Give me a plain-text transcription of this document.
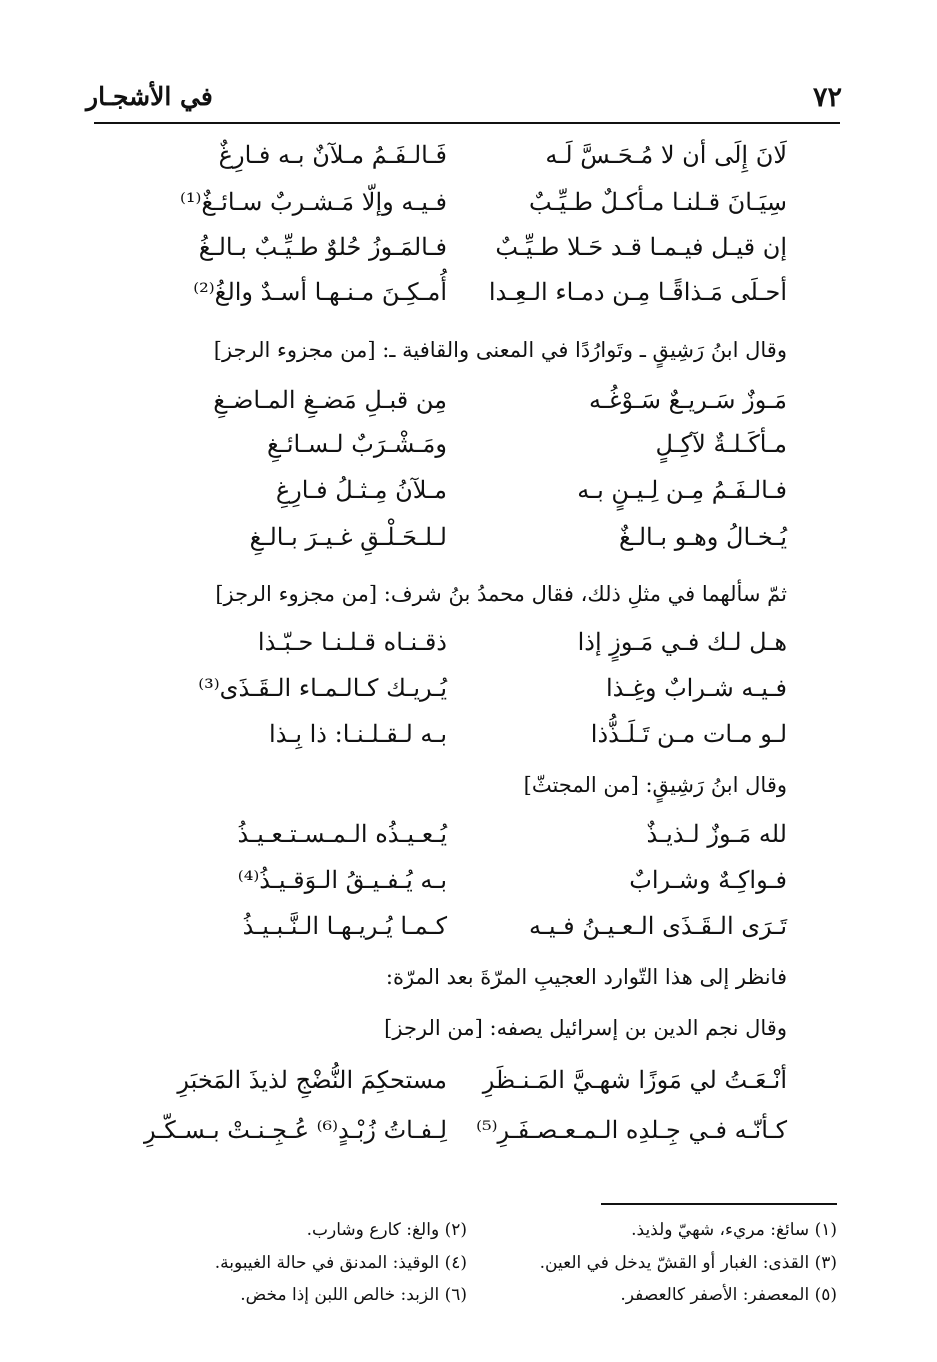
٧٢
في الأشجـار
لَانَ إِلَى أن لا مُـحَـسَّ لَـه
فَـالـفَـمُ مـلآنٌ بـه فـارِغٌ
سِيَـانَ قـلنـا مـأكـلٌ طـيِّـبٌ
فـيـه وإلّا مَـشـربٌ سـائـغٌ⁽¹⁾
إن قيـل فيـمـا قـد حَـلا طـيِّـبٌ
فـالمَـوزُ حُلوٌ طـيِّـبٌ بـالـغُ
أحـلَى مَـذاقًـا مِـن دمـاء الـعِـدا
أُمـكِـنَ مـنـهـا أسـدٌ والغُ⁽²⁾
وقال ابنُ رَشِيقٍ ـ وتَوارُدًا في المعنى والقافية ـ: [من مجزوء الرجز]
مَـوزٌ سَـريـعٌ سَـوْغُـه
مِن قبـلِ مَضـغِ المـاضـغِ
مـأكَـلـةٌ لآكِـلٍ
ومَـشْـرَبٌ لـسـائـغِ
فـالـفَـمُ مِـن لِـيـنٍ بـه
مـلآنُ مِـثـلُ فـارِغِ
يُـخـالُ وهـو بـالـغٌ
لـلـحَـلْـقِ غـيـرَ بـالـغِ
ثمّ سألهما في مثلِ ذلك، فقال محمدُ بنُ شرف: [من مجزوء الرجز]
هـل لـك فـي مَـوزٍ إذا
ذقـنـاه قـلـنـا حـبّـذا
فـيـه شـرابٌ وغِـذا
يُـريـك كـالـمـاء الـقَـذَى⁽³⁾
لـو مـات مـن تَـلَـذُّذا
بـه لـقـلـنـا: ذا بِـذا
وقال ابنُ رَشِيقٍ: [من المجتثّ]
لله مَـوزٌ لـذيـذٌ
يُـعـيـذُه الـمـسـتـعـيـذُ
فـواكِـهٌ وشـرابٌ
بـه يُـفـيـقُ الـوَقـيـذُ⁽⁴⁾
تَـرَى الـقَـذَى الـعـيـنُ فـيـه
كـمـا يُـريـهـا الـنَّـبـيـذُ
فانظر إلى هذا التّوارد العجيبِ المرّةَ بعد المرّة:
وقال نجم الدين بن إسرائيل يصفه: [من الرجز]
أنْـعَـتُ لي مَوزًا شهـيَّ المَـنـظَرِ
مستحكِمَ النُّضْجِ لذيذَ المَخبَرِ
كـأنّـه فـي جِـلدِه الـمـعـصـفَـرِ⁽⁵⁾
لِـفـاتُ زُبْـدٍ⁽⁶⁾ عُـجِـنـتْ بـسـكّـرِ
(١) سائغ: مريء، شهيّ ولذيذ.
(٢) والغ: كارع وشارب.
(٣) القذى: الغبار أو القشّ يدخل في العين.
(٤) الوقيذ: المدنق في حالة الغيبوبة.
(٥) المعصفر: الأصفر كالعصفر.
(٦) الزبد: خالص اللبن إذا مخض.
